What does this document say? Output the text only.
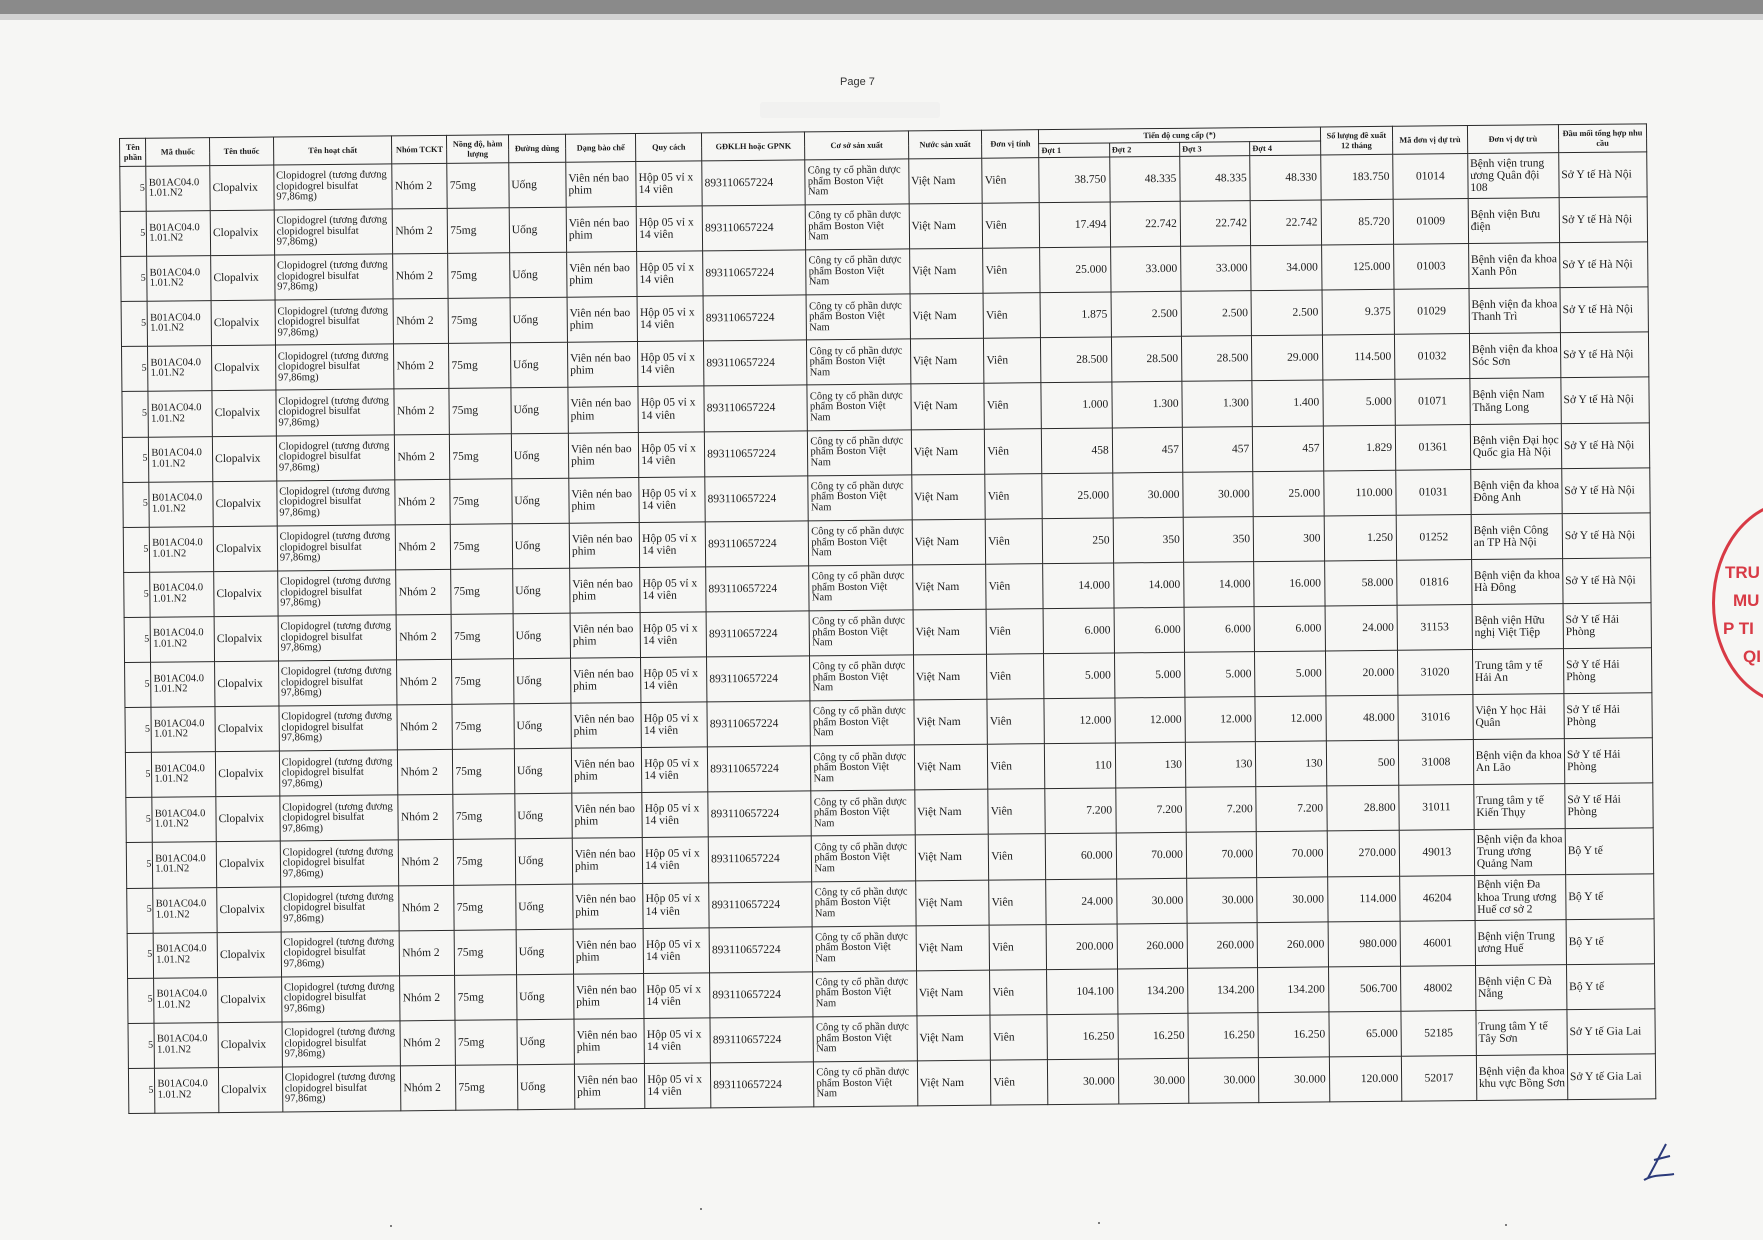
Page 7
Tên phần	Mã thuốc	Tên thuốc	Tên hoạt chất	Nhóm TCKT	Nồng độ, hàm lượng	Đường dùng	Dạng bào chế	Quy cách	GĐKLH hoặc GPNK	Cơ sở sản xuất	Nước sản xuất	Đơn vị tính	Tiến độ cung cấp (*)				Số lượng đề xuất 12 tháng	Mã đơn vị dự trù	Đơn vị dự trù	Đầu mối tổng hợp nhu cầu
													Đợt 1	Đợt 2	Đợt 3	Đợt 4				
5	B01AC04.0 1.01.N2	Clopalvix	Clopidogrel (tương đương clopidogrel bisulfat 97,86mg)	Nhóm 2	75mg	Uống	Viên nén bao phim	Hộp 05 vỉ x 14 viên	893110657224	Công ty cổ phần dược phẩm Boston Việt Nam	Việt Nam	Viên	38.750	48.335	48.335	48.330	183.750	01014	Bệnh viện trung ương Quân đội 108	Sở Y tế Hà Nội
5	B01AC04.0 1.01.N2	Clopalvix	Clopidogrel (tương đương clopidogrel bisulfat 97,86mg)	Nhóm 2	75mg	Uống	Viên nén bao phim	Hộp 05 vỉ x 14 viên	893110657224	Công ty cổ phần dược phẩm Boston Việt Nam	Việt Nam	Viên	17.494	22.742	22.742	22.742	85.720	01009	Bệnh viện Bưu điện	Sở Y tế Hà Nội
5	B01AC04.0 1.01.N2	Clopalvix	Clopidogrel (tương đương clopidogrel bisulfat 97,86mg)	Nhóm 2	75mg	Uống	Viên nén bao phim	Hộp 05 vỉ x 14 viên	893110657224	Công ty cổ phần dược phẩm Boston Việt Nam	Việt Nam	Viên	25.000	33.000	33.000	34.000	125.000	01003	Bệnh viện đa khoa Xanh Pôn	Sở Y tế Hà Nội
5	B01AC04.0 1.01.N2	Clopalvix	Clopidogrel (tương đương clopidogrel bisulfat 97,86mg)	Nhóm 2	75mg	Uống	Viên nén bao phim	Hộp 05 vỉ x 14 viên	893110657224	Công ty cổ phần dược phẩm Boston Việt Nam	Việt Nam	Viên	1.875	2.500	2.500	2.500	9.375	01029	Bệnh viện đa khoa Thanh Trì	Sở Y tế Hà Nội
5	B01AC04.0 1.01.N2	Clopalvix	Clopidogrel (tương đương clopidogrel bisulfat 97,86mg)	Nhóm 2	75mg	Uống	Viên nén bao phim	Hộp 05 vỉ x 14 viên	893110657224	Công ty cổ phần dược phẩm Boston Việt Nam	Việt Nam	Viên	28.500	28.500	28.500	29.000	114.500	01032	Bệnh viện đa khoa Sóc Sơn	Sở Y tế Hà Nội
5	B01AC04.0 1.01.N2	Clopalvix	Clopidogrel (tương đương clopidogrel bisulfat 97,86mg)	Nhóm 2	75mg	Uống	Viên nén bao phim	Hộp 05 vỉ x 14 viên	893110657224	Công ty cổ phần dược phẩm Boston Việt Nam	Việt Nam	Viên	1.000	1.300	1.300	1.400	5.000	01071	Bệnh viện Nam Thăng Long	Sở Y tế Hà Nội
5	B01AC04.0 1.01.N2	Clopalvix	Clopidogrel (tương đương clopidogrel bisulfat 97,86mg)	Nhóm 2	75mg	Uống	Viên nén bao phim	Hộp 05 vỉ x 14 viên	893110657224	Công ty cổ phần dược phẩm Boston Việt Nam	Việt Nam	Viên	458	457	457	457	1.829	01361	Bệnh viện Đại học Quốc gia Hà Nội	Sở Y tế Hà Nội
5	B01AC04.0 1.01.N2	Clopalvix	Clopidogrel (tương đương clopidogrel bisulfat 97,86mg)	Nhóm 2	75mg	Uống	Viên nén bao phim	Hộp 05 vỉ x 14 viên	893110657224	Công ty cổ phần dược phẩm Boston Việt Nam	Việt Nam	Viên	25.000	30.000	30.000	25.000	110.000	01031	Bệnh viện đa khoa Đông Anh	Sở Y tế Hà Nội
5	B01AC04.0 1.01.N2	Clopalvix	Clopidogrel (tương đương clopidogrel bisulfat 97,86mg)	Nhóm 2	75mg	Uống	Viên nén bao phim	Hộp 05 vỉ x 14 viên	893110657224	Công ty cổ phần dược phẩm Boston Việt Nam	Việt Nam	Viên	250	350	350	300	1.250	01252	Bệnh viện Công an TP Hà Nội	Sở Y tế Hà Nội
5	B01AC04.0 1.01.N2	Clopalvix	Clopidogrel (tương đương clopidogrel bisulfat 97,86mg)	Nhóm 2	75mg	Uống	Viên nén bao phim	Hộp 05 vỉ x 14 viên	893110657224	Công ty cổ phần dược phẩm Boston Việt Nam	Việt Nam	Viên	14.000	14.000	14.000	16.000	58.000	01816	Bệnh viện đa khoa Hà Đông	Sở Y tế Hà Nội
5	B01AC04.0 1.01.N2	Clopalvix	Clopidogrel (tương đương clopidogrel bisulfat 97,86mg)	Nhóm 2	75mg	Uống	Viên nén bao phim	Hộp 05 vỉ x 14 viên	893110657224	Công ty cổ phần dược phẩm Boston Việt Nam	Việt Nam	Viên	6.000	6.000	6.000	6.000	24.000	31153	Bệnh viện Hữu nghị Việt Tiệp	Sở Y tế Hải Phòng
5	B01AC04.0 1.01.N2	Clopalvix	Clopidogrel (tương đương clopidogrel bisulfat 97,86mg)	Nhóm 2	75mg	Uống	Viên nén bao phim	Hộp 05 vỉ x 14 viên	893110657224	Công ty cổ phần dược phẩm Boston Việt Nam	Việt Nam	Viên	5.000	5.000	5.000	5.000	20.000	31020	Trung tâm y tế Hải An	Sở Y tế Hải Phòng
5	B01AC04.0 1.01.N2	Clopalvix	Clopidogrel (tương đương clopidogrel bisulfat 97,86mg)	Nhóm 2	75mg	Uống	Viên nén bao phim	Hộp 05 vỉ x 14 viên	893110657224	Công ty cổ phần dược phẩm Boston Việt Nam	Việt Nam	Viên	12.000	12.000	12.000	12.000	48.000	31016	Viện Y học Hải Quân	Sở Y tế Hải Phòng
5	B01AC04.0 1.01.N2	Clopalvix	Clopidogrel (tương đương clopidogrel bisulfat 97,86mg)	Nhóm 2	75mg	Uống	Viên nén bao phim	Hộp 05 vỉ x 14 viên	893110657224	Công ty cổ phần dược phẩm Boston Việt Nam	Việt Nam	Viên	110	130	130	130	500	31008	Bệnh viện đa khoa An Lão	Sở Y tế Hải Phòng
5	B01AC04.0 1.01.N2	Clopalvix	Clopidogrel (tương đương clopidogrel bisulfat 97,86mg)	Nhóm 2	75mg	Uống	Viên nén bao phim	Hộp 05 vỉ x 14 viên	893110657224	Công ty cổ phần dược phẩm Boston Việt Nam	Việt Nam	Viên	7.200	7.200	7.200	7.200	28.800	31011	Trung tâm y tế Kiến Thụy	Sở Y tế Hải Phòng
5	B01AC04.0 1.01.N2	Clopalvix	Clopidogrel (tương đương clopidogrel bisulfat 97,86mg)	Nhóm 2	75mg	Uống	Viên nén bao phim	Hộp 05 vỉ x 14 viên	893110657224	Công ty cổ phần dược phẩm Boston Việt Nam	Việt Nam	Viên	60.000	70.000	70.000	70.000	270.000	49013	Bệnh viện đa khoa Trung ương Quảng Nam	Bộ Y tế
5	B01AC04.0 1.01.N2	Clopalvix	Clopidogrel (tương đương clopidogrel bisulfat 97,86mg)	Nhóm 2	75mg	Uống	Viên nén bao phim	Hộp 05 vỉ x 14 viên	893110657224	Công ty cổ phần dược phẩm Boston Việt Nam	Việt Nam	Viên	24.000	30.000	30.000	30.000	114.000	46204	Bệnh viện Đa khoa Trung ương Huế cơ sở 2	Bộ Y tế
5	B01AC04.0 1.01.N2	Clopalvix	Clopidogrel (tương đương clopidogrel bisulfat 97,86mg)	Nhóm 2	75mg	Uống	Viên nén bao phim	Hộp 05 vỉ x 14 viên	893110657224	Công ty cổ phần dược phẩm Boston Việt Nam	Việt Nam	Viên	200.000	260.000	260.000	260.000	980.000	46001	Bệnh viện Trung ương Huế	Bộ Y tế
5	B01AC04.0 1.01.N2	Clopalvix	Clopidogrel (tương đương clopidogrel bisulfat 97,86mg)	Nhóm 2	75mg	Uống	Viên nén bao phim	Hộp 05 vỉ x 14 viên	893110657224	Công ty cổ phần dược phẩm Boston Việt Nam	Việt Nam	Viên	104.100	134.200	134.200	134.200	506.700	48002	Bệnh viện C Đà Nẵng	Bộ Y tế
5	B01AC04.0 1.01.N2	Clopalvix	Clopidogrel (tương đương clopidogrel bisulfat 97,86mg)	Nhóm 2	75mg	Uống	Viên nén bao phim	Hộp 05 vỉ x 14 viên	893110657224	Công ty cổ phần dược phẩm Boston Việt Nam	Việt Nam	Viên	16.250	16.250	16.250	16.250	65.000	52185	Trung tâm Y tế Tây Sơn	Sở Y tế Gia Lai
5	B01AC04.0 1.01.N2	Clopalvix	Clopidogrel (tương đương clopidogrel bisulfat 97,86mg)	Nhóm 2	75mg	Uống	Viên nén bao phim	Hộp 05 vỉ x 14 viên	893110657224	Công ty cổ phần dược phẩm Boston Việt Nam	Việt Nam	Viên	30.000	30.000	30.000	30.000	120.000	52017	Bệnh viện đa khoa khu vực Bồng Sơn	Sở Y tế Gia Lai
TRU
MU
P TI
QI
